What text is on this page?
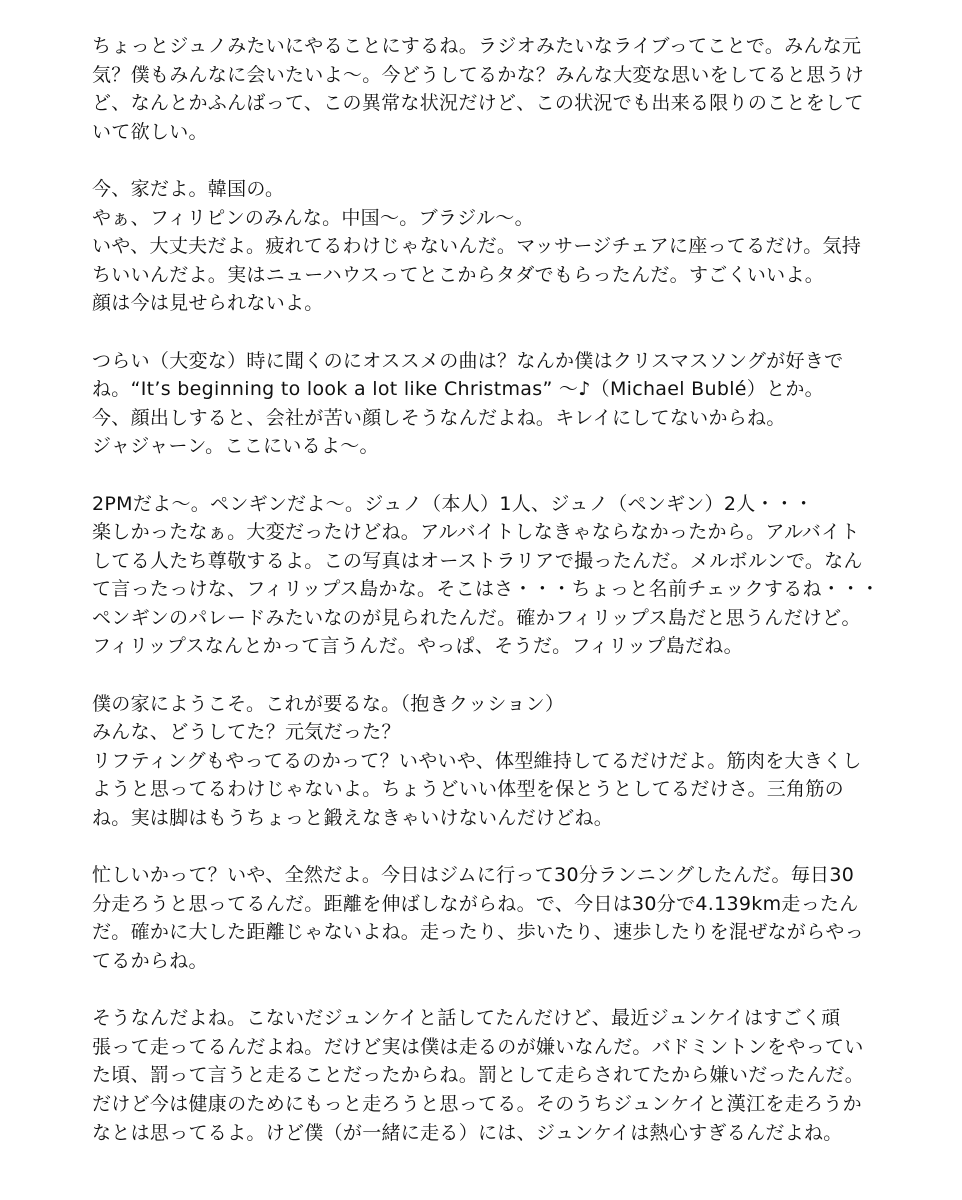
ちょっとジュノみたいにやることにするね。ラジオみたいなライブってことで。みんな元
気？僕もみんなに会いたいよ〜。今どうしてるかな？みんな大変な思いをしてると思うけ
ど、なんとかふんばって、この異常な状況だけど、この状況でも出来る限りのことをして
いて欲しい。
今、家だよ。韓国の。
やぁ、フィリピンのみんな。中国〜。ブラジル〜。
いや、大丈夫だよ。疲れてるわけじゃないんだ。マッサージチェアに座ってるだけ。気持
ちいいんだよ。実はニューハウスってとこからタダでもらったんだ。すごくいいよ。
顔は今は見せられないよ。
つらい（大変な）時に聞くのにオススメの曲は？なんか僕はクリスマスソングが好きで
ね。“It’s beginning to look a lot like Christmas” 〜♪（Michael Bublé）とか。
今、顔出しすると、会社が苦い顔しそうなんだよね。キレイにしてないからね。
ジャジャーン。ここにいるよ〜。
2PMだよ〜。ペンギンだよ〜。ジュノ（本人）1人、ジュノ（ペンギン）2人・・・
楽しかったなぁ。大変だったけどね。アルバイトしなきゃならなかったから。アルバイト
してる人たち尊敬するよ。この写真はオーストラリアで撮ったんだ。メルボルンで。なん
て言ったっけな、フィリップス島かな。そこはさ・・・ちょっと名前チェックするね・・・
ペンギンのパレードみたいなのが見られたんだ。確かフィリップス島だと思うんだけど。
フィリップスなんとかって言うんだ。やっぱ、そうだ。フィリップ島だね。
僕の家にようこそ。これが要るな。（抱きクッション）
みんな、どうしてた？元気だった？
リフティングもやってるのかって？いやいや、体型維持してるだけだよ。筋肉を大きくし
ようと思ってるわけじゃないよ。ちょうどいい体型を保とうとしてるだけさ。三角筋の
ね。実は脚はもうちょっと鍛えなきゃいけないんだけどね。
忙しいかって？いや、全然だよ。今日はジムに行って30分ランニングしたんだ。毎日30
分走ろうと思ってるんだ。距離を伸ばしながらね。で、今日は30分で4.139km走ったん
だ。確かに大した距離じゃないよね。走ったり、歩いたり、速歩したりを混ぜながらやっ
てるからね。
そうなんだよね。こないだジュンケイと話してたんだけど、最近ジュンケイはすごく頑
張って走ってるんだよね。だけど実は僕は走るのが嫌いなんだ。バドミントンをやってい
た頃、罰って言うと走ることだったからね。罰として走らされてたから嫌いだったんだ。
だけど今は健康のためにもっと走ろうと思ってる。そのうちジュンケイと漢江を走ろうか
なとは思ってるよ。けど僕（が一緒に走る）には、ジュンケイは熱心すぎるんだよね。
